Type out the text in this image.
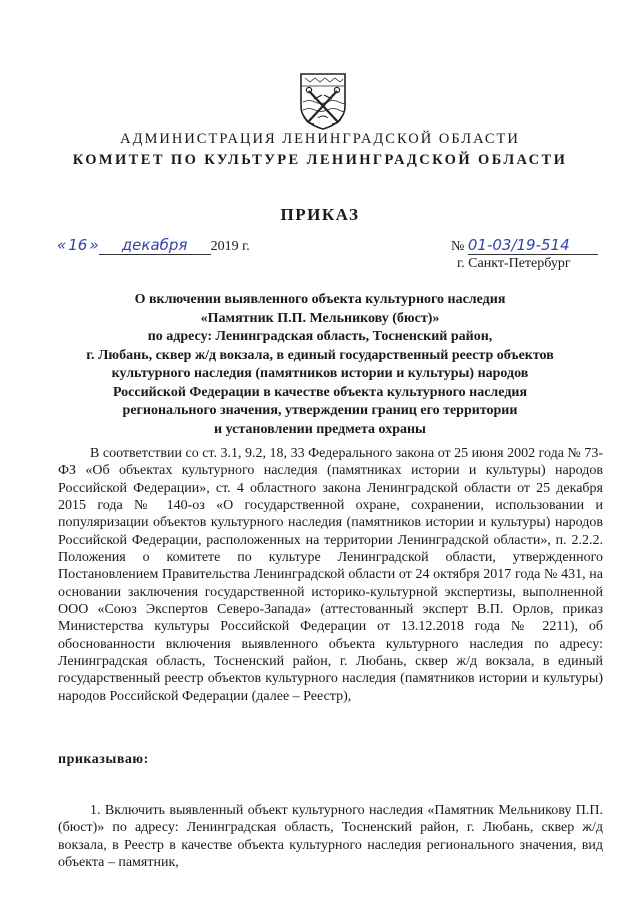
АДМИНИСТРАЦИЯ ЛЕНИНГРАДСКОЙ ОБЛАСТИ
КОМИТЕТ ПО КУЛЬТУРЕ ЛЕНИНГРАДСКОЙ ОБЛАСТИ
ПРИКАЗ
« 16 » декабря 2019 г.	№ 01-03/19-514
г. Санкт-Петербург
О включении выявленного объекта культурного наследия
«Памятник П.П. Мельникову (бюст)»
по адресу: Ленинградская область, Тосненский район,
г. Любань, сквер ж/д вокзала, в единый государственный реестр объектов
культурного наследия (памятников истории и культуры) народов
Российской Федерации в качестве объекта культурного наследия
регионального значения, утверждении границ его территории
и установлении предмета охраны

В соответствии со ст. 3.1, 9.2, 18, 33 Федерального закона от 25 июня 2002 года № 73-ФЗ «Об объектах культурного наследия (памятниках истории и культуры) народов Российской Федерации», ст. 4 областного закона Ленинградской области от 25 декабря 2015 года № 140-оз «О государственной охране, сохранении, использовании и популяризации объектов культурного наследия (памятников истории и культуры) народов Российской Федерации, расположенных на территории Ленинградской области», п. 2.2.2. Положения о комитете по культуре Ленинградской области, утвержденного Постановлением Правительства Ленинградской области от 24 октября 2017 года № 431, на основании заключения государственной историко-культурной экспертизы, выполненной ООО «Союз Экспертов Северо-Запада» (аттестованный эксперт В.П. Орлов, приказ Министерства культуры Российской Федерации от 13.12.2018 года № 2211), об обоснованности включения выявленного объекта культурного наследия по адресу: Ленинградская область, Тосненский район, г. Любань, сквер ж/д вокзала, в единый государственный реестр объектов культурного наследия (памятников истории и культуры) народов Российской Федерации (далее – Реестр),

приказываю:

1. Включить выявленный объект культурного наследия «Памятник Мельникову П.П. (бюст)» по адресу: Ленинградская область, Тосненский район, г. Любань, сквер ж/д вокзала, в Реестр в качестве объекта культурного наследия регионального значения, вид объекта – памятник,
